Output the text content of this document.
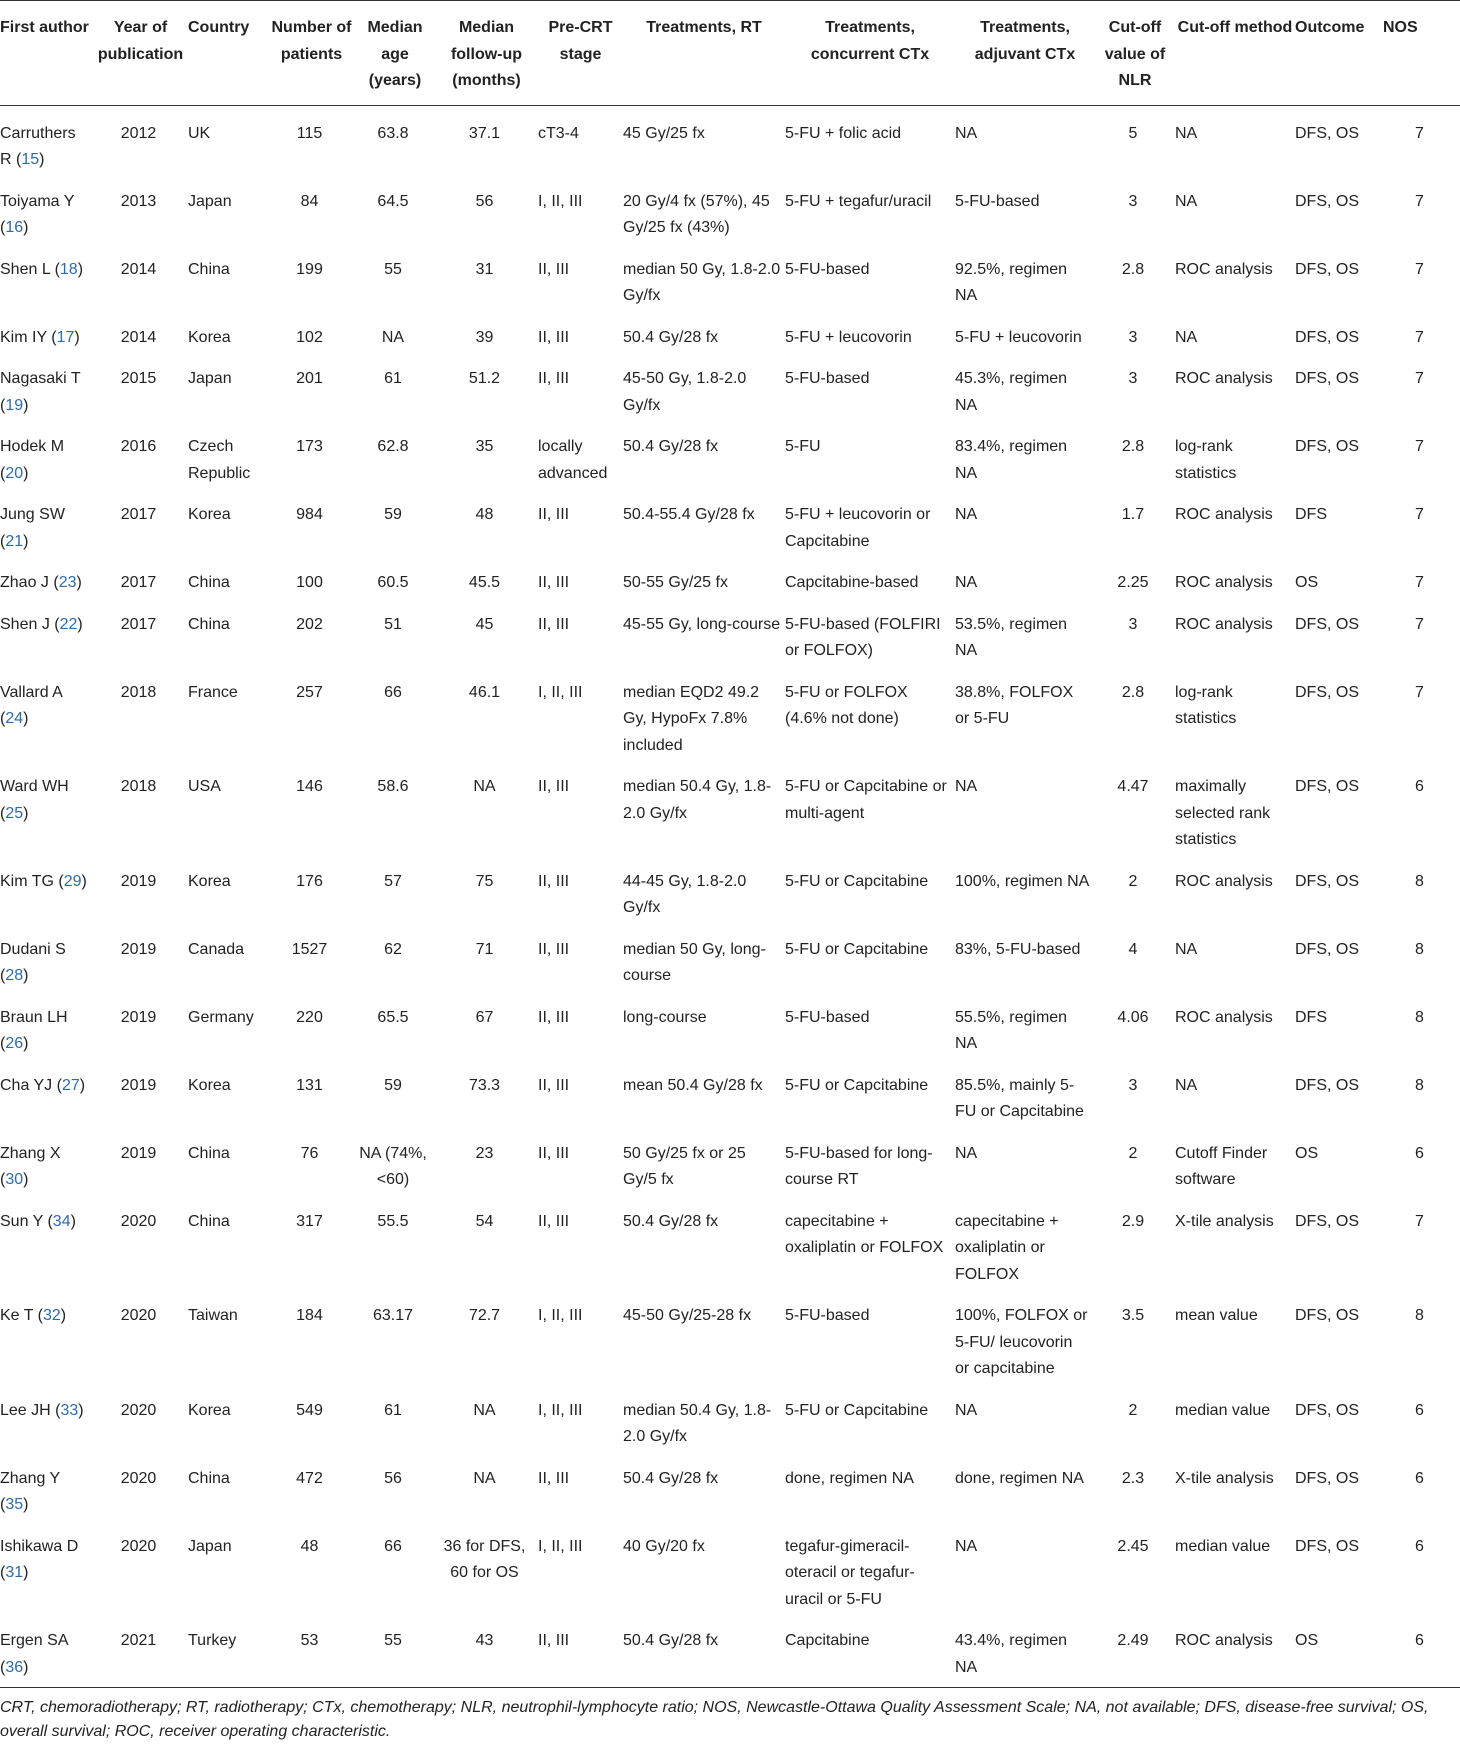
First author	Year of publication	Country	Number of patients	Median age (years)	Median follow-up (months)	Pre-CRT stage	Treatments, RT	Treatments, concurrent CTx	Treatments, adjuvant CTx	Cut-off value of NLR	Cut-off method	Outcome	NOS
Carruthers R (15)	2012	UK	115	63.8	37.1	cT3-4	45 Gy/25 fx	5-FU + folic acid	NA	5	NA	DFS, OS	7
Toiyama Y (16)	2013	Japan	84	64.5	56	I, II, III	20 Gy/4 fx (57%), 45 Gy/25 fx (43%)	5-FU + tegafur/uracil	5-FU-based	3	NA	DFS, OS	7
Shen L (18)	2014	China	199	55	31	II, III	median 50 Gy, 1.8-2.0 Gy/fx	5-FU-based	92.5%, regimen NA	2.8	ROC analysis	DFS, OS	7
Kim IY (17)	2014	Korea	102	NA	39	II, III	50.4 Gy/28 fx	5-FU + leucovorin	5-FU + leucovorin	3	NA	DFS, OS	7
Nagasaki T (19)	2015	Japan	201	61	51.2	II, III	45-50 Gy, 1.8-2.0 Gy/fx	5-FU-based	45.3%, regimen NA	3	ROC analysis	DFS, OS	7
Hodek M (20)	2016	Czech Republic	173	62.8	35	locally advanced	50.4 Gy/28 fx	5-FU	83.4%, regimen NA	2.8	log-rank statistics	DFS, OS	7
Jung SW (21)	2017	Korea	984	59	48	II, III	50.4-55.4 Gy/28 fx	5-FU + leucovorin or Capcitabine	NA	1.7	ROC analysis	DFS	7
Zhao J (23)	2017	China	100	60.5	45.5	II, III	50-55 Gy/25 fx	Capcitabine-based	NA	2.25	ROC analysis	OS	7
Shen J (22)	2017	China	202	51	45	II, III	45-55 Gy, long-course	5-FU-based (FOLFIRI or FOLFOX)	53.5%, regimen NA	3	ROC analysis	DFS, OS	7
Vallard A (24)	2018	France	257	66	46.1	I, II, III	median EQD2 49.2 Gy, HypoFx 7.8% included	5-FU or FOLFOX (4.6% not done)	38.8%, FOLFOX or 5-FU	2.8	log-rank statistics	DFS, OS	7
Ward WH (25)	2018	USA	146	58.6	NA	II, III	median 50.4 Gy, 1.8-2.0 Gy/fx	5-FU or Capcitabine or multi-agent	NA	4.47	maximally selected rank statistics	DFS, OS	6
Kim TG (29)	2019	Korea	176	57	75	II, III	44-45 Gy, 1.8-2.0 Gy/fx	5-FU or Capcitabine	100%, regimen NA	2	ROC analysis	DFS, OS	8
Dudani S (28)	2019	Canada	1527	62	71	II, III	median 50 Gy, long-course	5-FU or Capcitabine	83%, 5-FU-based	4	NA	DFS, OS	8
Braun LH (26)	2019	Germany	220	65.5	67	II, III	long-course	5-FU-based	55.5%, regimen NA	4.06	ROC analysis	DFS	8
Cha YJ (27)	2019	Korea	131	59	73.3	II, III	mean 50.4 Gy/28 fx	5-FU or Capcitabine	85.5%, mainly 5-FU or Capcitabine	3	NA	DFS, OS	8
Zhang X (30)	2019	China	76	NA (74%, <60)	23	II, III	50 Gy/25 fx or 25 Gy/5 fx	5-FU-based for long-course RT	NA	2	Cutoff Finder software	OS	6
Sun Y (34)	2020	China	317	55.5	54	II, III	50.4 Gy/28 fx	capecitabine + oxaliplatin or FOLFOX	capecitabine + oxaliplatin or FOLFOX	2.9	X-tile analysis	DFS, OS	7
Ke T (32)	2020	Taiwan	184	63.17	72.7	I, II, III	45-50 Gy/25-28 fx	5-FU-based	100%, FOLFOX or 5-FU/ leucovorin or capcitabine	3.5	mean value	DFS, OS	8
Lee JH (33)	2020	Korea	549	61	NA	I, II, III	median 50.4 Gy, 1.8-2.0 Gy/fx	5-FU or Capcitabine	NA	2	median value	DFS, OS	6
Zhang Y (35)	2020	China	472	56	NA	II, III	50.4 Gy/28 fx	done, regimen NA	done, regimen NA	2.3	X-tile analysis	DFS, OS	6
Ishikawa D (31)	2020	Japan	48	66	36 for DFS, 60 for OS	I, II, III	40 Gy/20 fx	tegafur-gimeracil-oteracil or tegafur-uracil or 5-FU	NA	2.45	median value	DFS, OS	6
Ergen SA (36)	2021	Turkey	53	55	43	II, III	50.4 Gy/28 fx	Capcitabine	43.4%, regimen NA	2.49	ROC analysis	OS	6
CRT, chemoradiotherapy; RT, radiotherapy; CTx, chemotherapy; NLR, neutrophil-lymphocyte ratio; NOS, Newcastle-Ottawa Quality Assessment Scale; NA, not available; DFS, disease-free survival; OS, overall survival; ROC, receiver operating characteristic.
